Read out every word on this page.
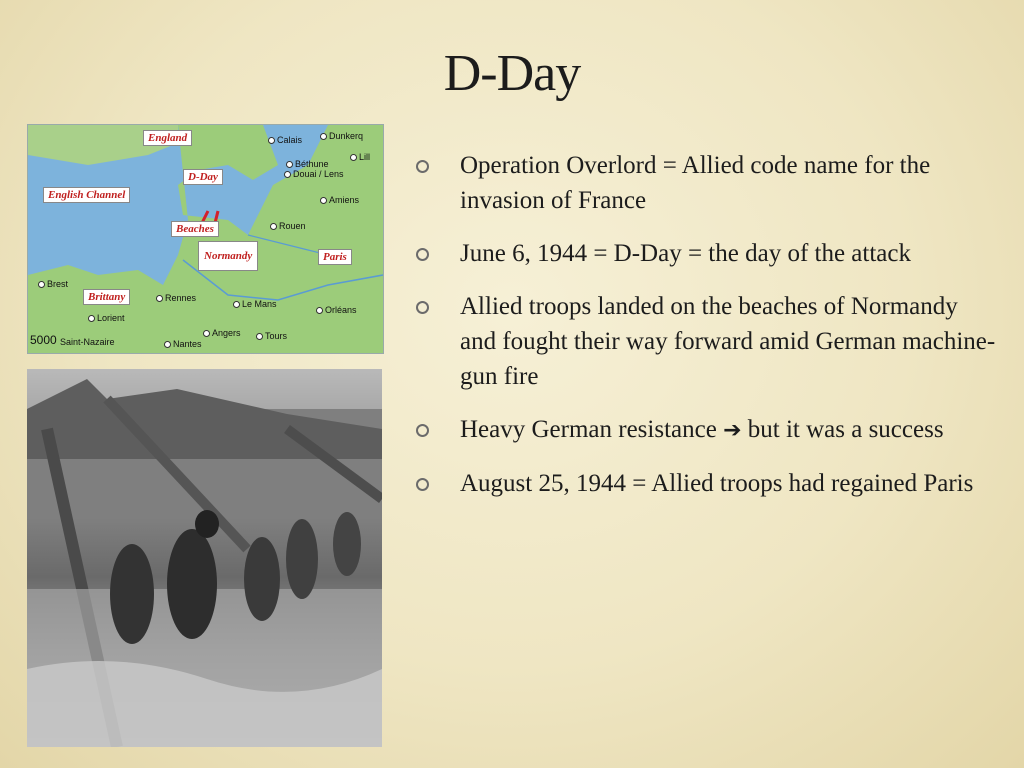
D-Day
England
English Channel
D-Day
Beaches
Normandy	Paris
Brittany
Calais	Dunkerq
Lill
Béthune
Douai / Lens
Amiens
Rouen
Brest
Rennes
Lorient
Le Mans
Orléans
Angers	Tours
Saint-Nazaire	Nantes
5000
Operation Overlord = Allied code name for the invasion of France
June 6, 1944 = D-Day = the day of the attack
Allied troops landed on the beaches of Normandy and fought their way forward amid German machine-gun fire
Heavy German resistance ➔ but it was a success
August 25, 1944 = Allied troops had regained Paris
